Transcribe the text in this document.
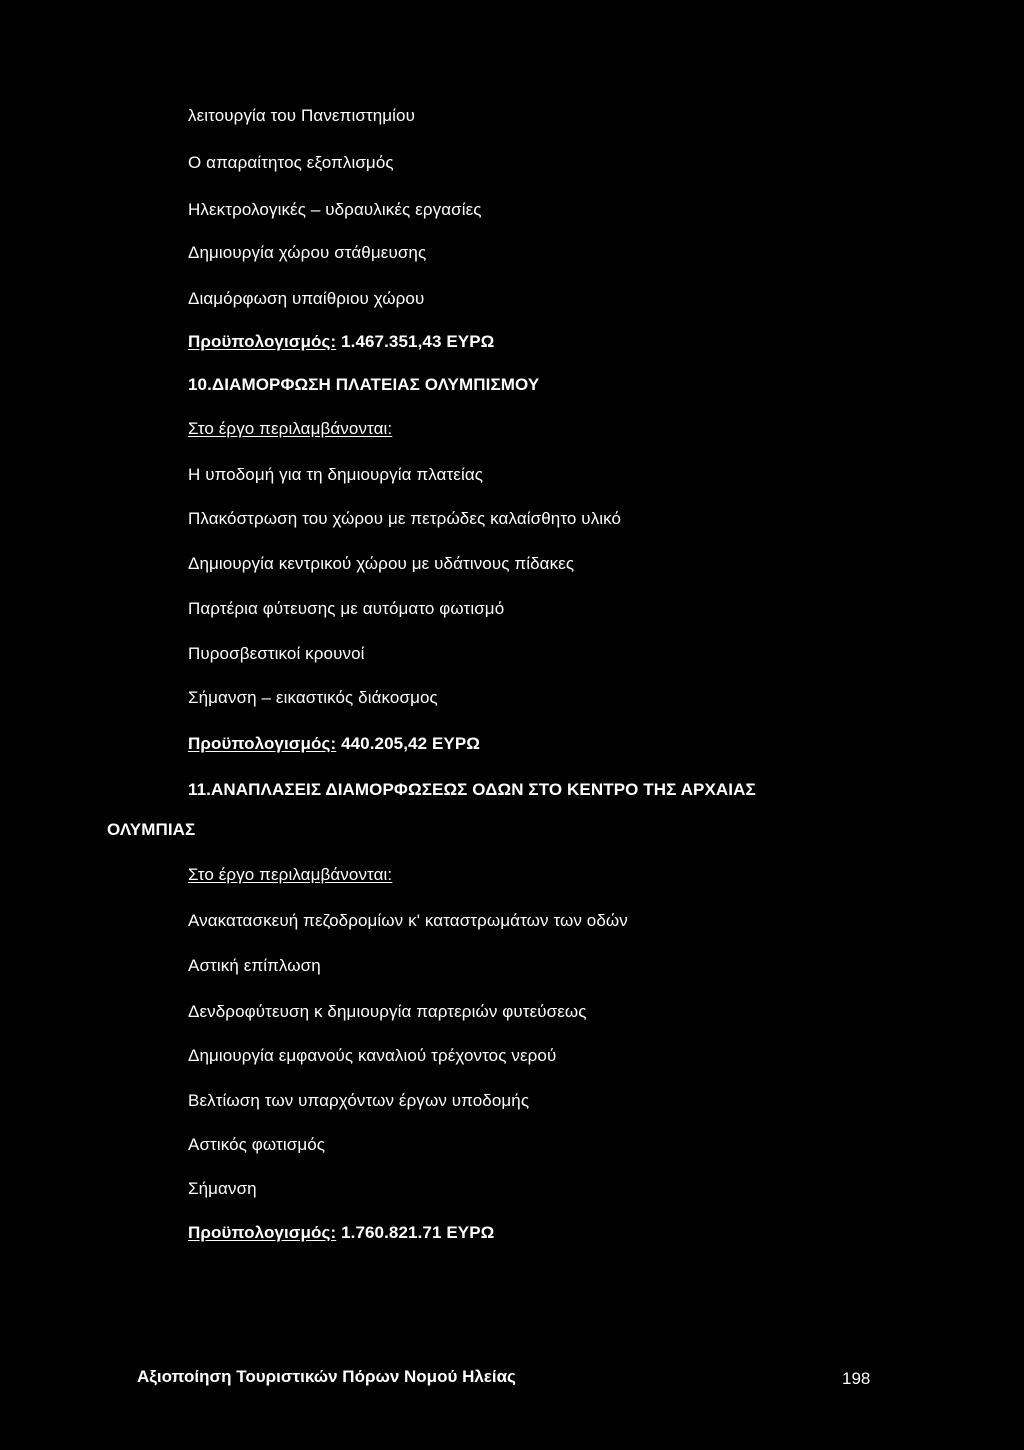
λειτουργία του Πανεπιστημίου
Ο απαραίτητος εξοπλισμός
Ηλεκτρολογικές – υδραυλικές εργασίες
Δημιουργία χώρου στάθμευσης
Διαμόρφωση υπαίθριου χώρου
Προϋπολογισμός: 1.467.351,43 ΕΥΡΩ
10.ΔΙΑΜΟΡΦΩΣΗ ΠΛΑΤΕΙΑΣ ΟΛΥΜΠΙΣΜΟΥ
Στο έργο περιλαμβάνονται:
Η υποδομή για τη δημιουργία πλατείας
Πλακόστρωση του χώρου με πετρώδες καλαίσθητο υλικό
Δημιουργία κεντρικού χώρου με υδάτινους πίδακες
Παρτέρια φύτευσης με αυτόματο φωτισμό
Πυροσβεστικοί κρουνοί
Σήμανση – εικαστικός διάκοσμος
Προϋπολογισμός: 440.205,42 ΕΥΡΩ
11.ΑΝΑΠΛΑΣΕΙΣ ΔΙΑΜΟΡΦΩΣΕΩΣ ΟΔΩΝ ΣΤΟ ΚΕΝΤΡΟ ΤΗΣ ΑΡΧΑΙΑΣ
ΟΛΥΜΠΙΑΣ
Στο έργο περιλαμβάνονται:
Ανακατασκευή πεζοδρομίων κ' καταστρωμάτων των οδών
Αστική επίπλωση
Δενδροφύτευση κ δημιουργία παρτεριών φυτεύσεως
Δημιουργία εμφανούς καναλιού τρέχοντος νερού
Βελτίωση των υπαρχόντων έργων υποδομής
Αστικός φωτισμός
Σήμανση
Προϋπολογισμός: 1.760.821.71 ΕΥΡΩ
Αξιοποίηση Τουριστικών Πόρων Νομού Ηλείας	198
